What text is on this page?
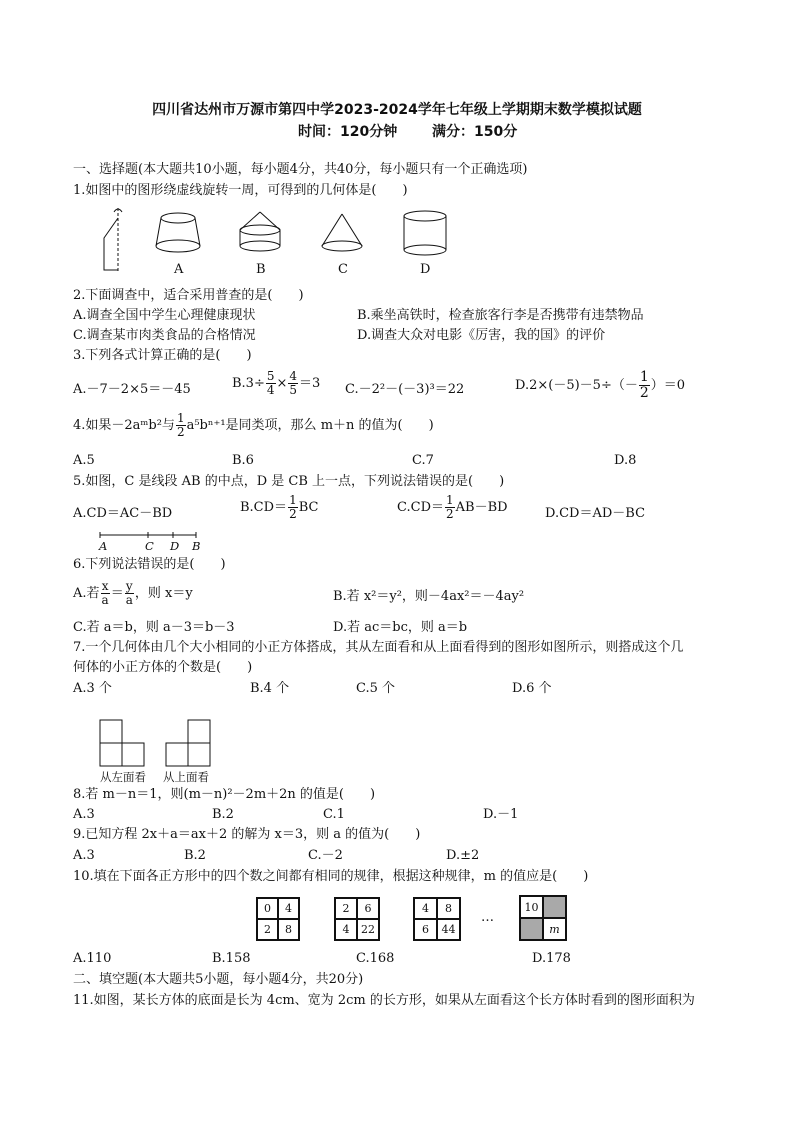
四川省达州市万源市第四中学2023-2024学年七年级上学期期末数学模拟试题
时间：120分钟 满分：150分
一、选择题(本大题共10小题，每小题4分，共40分，每小题只有一个正确选项)
1.如图中的图形绕虚线旋转一周，可得到的几何体是(　　)
A	B	C	D
2.下面调查中，适合采用普查的是(　　)
A.调查全国中学生心理健康现状	B.乘坐高铁时，检查旅客行李是否携带有违禁物品
C.调查某市肉类食品的合格情况	D.调查大众对电影《厉害，我的国》的评价
3.下列各式计算正确的是(　　)
A.－7－2×5＝－45	$B.3\div \frac{5}{4} \times \frac{4}{5} =3$ C.－2²－(－3)³＝22	$D.2\times(-5)-5\div(- \frac{1}{2} )=0$
4.如果－2aᵐb²与 $\frac{1}{2} a^5b^{n+1}$是同类项，那么 m＋n 的值为(　　)
A.5	B.6	C.7	D.8
5.如图，C 是线段 AB 的中点，D 是 CB 上一点，下列说法错误的是(　　)
A.CD＝AC－BD	$B.CD= \frac{1}{2}$ BC	$C.CD= \frac{1}{2} AB-BD$	D.CD＝AD－BC
A	C D B
6.下列说法错误的是(　　)
A.若 $\frac{x}{a} = \frac{y}{a}$ ，则 x＝y	B.若 x²＝y²，则－4ax²＝－4ay²
C.若 a＝b，则 a－3＝b－3	D.若 ac＝bc，则 a＝b
7.一个几何体由几个大小相同的小正方体搭成，其从左面看和从上面看得到的图形如图所示，则搭成这个几
何体的小正方体的个数是(　　)
A.3 个	B.4 个	C.5 个	D.6 个
从左面看 从上面看
8.若 m－n＝1，则(m－n)²－2m＋2n 的值是(　　)
A.3	B.2	C.1	D.－1
9.已知方程 2x＋a＝ax＋2 的解为 x＝3，则 a 的值为(　　)
A.3	B.2	C.－2	D.±2
10.填在下面各正方形中的四个数之间都有相同的规律，根据这种规律，m 的值应是(　　)
0	4
2	8
2	6
4	22
4	8
6	44
…
10
m
A.110	B.158	C.168	D.178
二、填空题(本大题共5小题，每小题4分，共20分)
11.如图，某长方体的底面是长为 4cm、宽为 2cm 的长方形，如果从左面看这个长方体时看到的图形面积为
